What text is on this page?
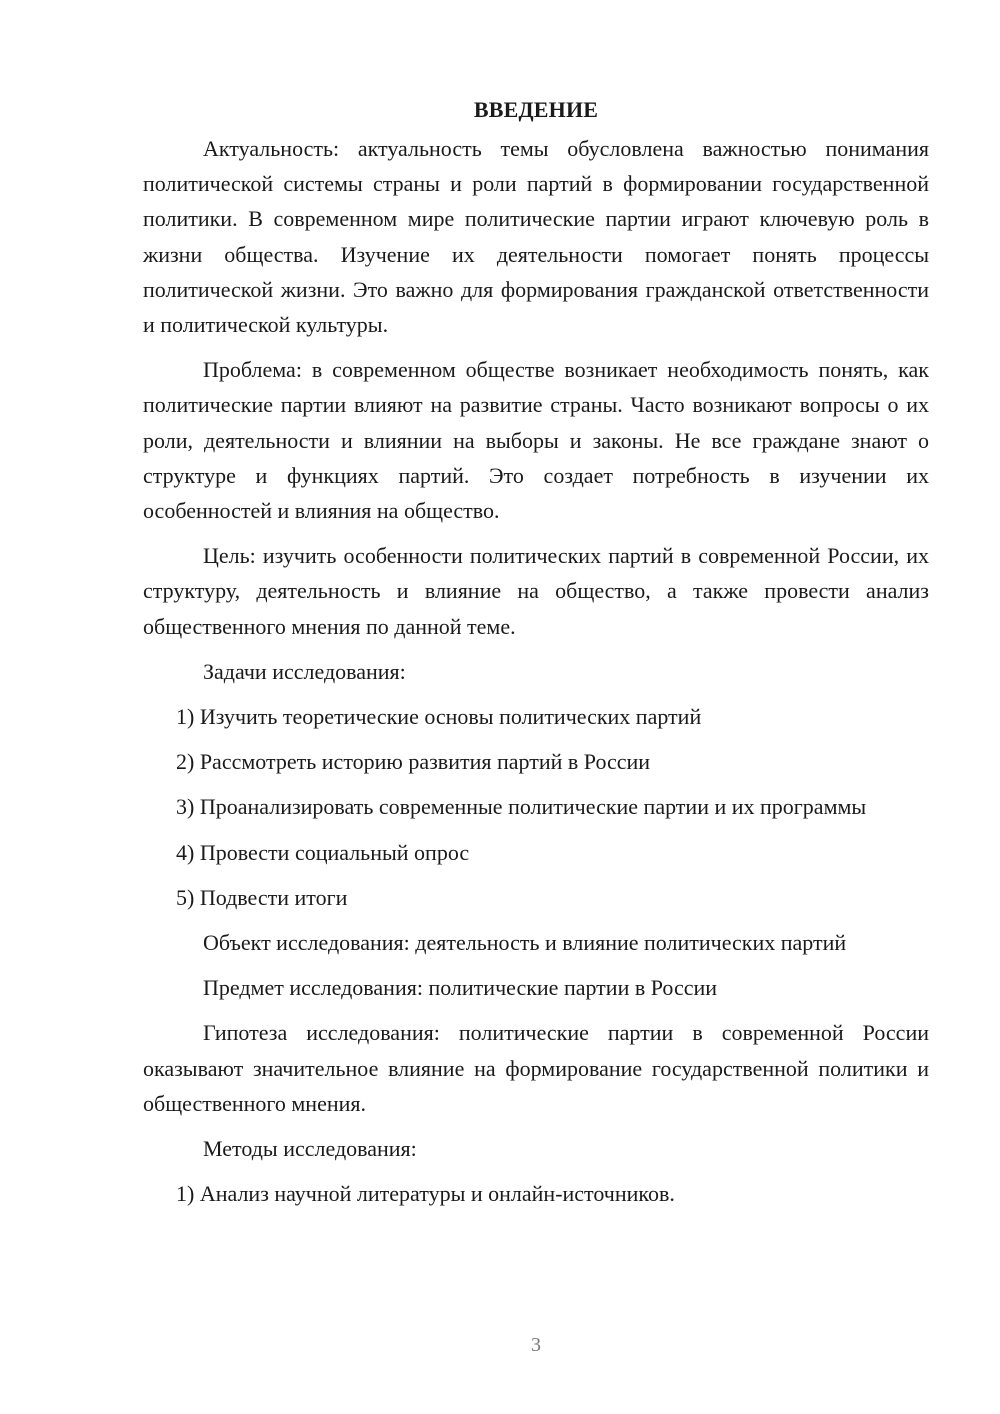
ВВЕДЕНИЕ

Актуальность: актуальность темы обусловлена важностью понимания политической системы страны и роли партий в формировании государственной политики. В современном мире политические партии играют ключевую роль в жизни общества. Изучение их деятельности помогает понять процессы политической жизни. Это важно для формирования гражданской ответственности и политической культуры.

Проблема: в современном обществе возникает необходимость понять, как политические партии влияют на развитие страны. Часто возникают вопросы о их роли, деятельности и влиянии на выборы и законы. Не все граждане знают о структуре и функциях партий. Это создает потребность в изучении их особенностей и влияния на общество.

Цель: изучить особенности политических партий в современной России, их структуру, деятельность и влияние на общество, а также провести анализ общественного мнения по данной теме.

Задачи исследования:

1) Изучить теоретические основы политических партий

2) Рассмотреть историю развития партий в России

3) Проанализировать современные политические партии и их программы

4) Провести социальный опрос

5) Подвести итоги

Объект исследования: деятельность и влияние политических партий

Предмет исследования: политические партии в России

Гипотеза исследования: политические партии в современной России оказывают значительное влияние на формирование государственной политики и общественного мнения.

Методы исследования:

1) Анализ научной литературы и онлайн-источников.

3
